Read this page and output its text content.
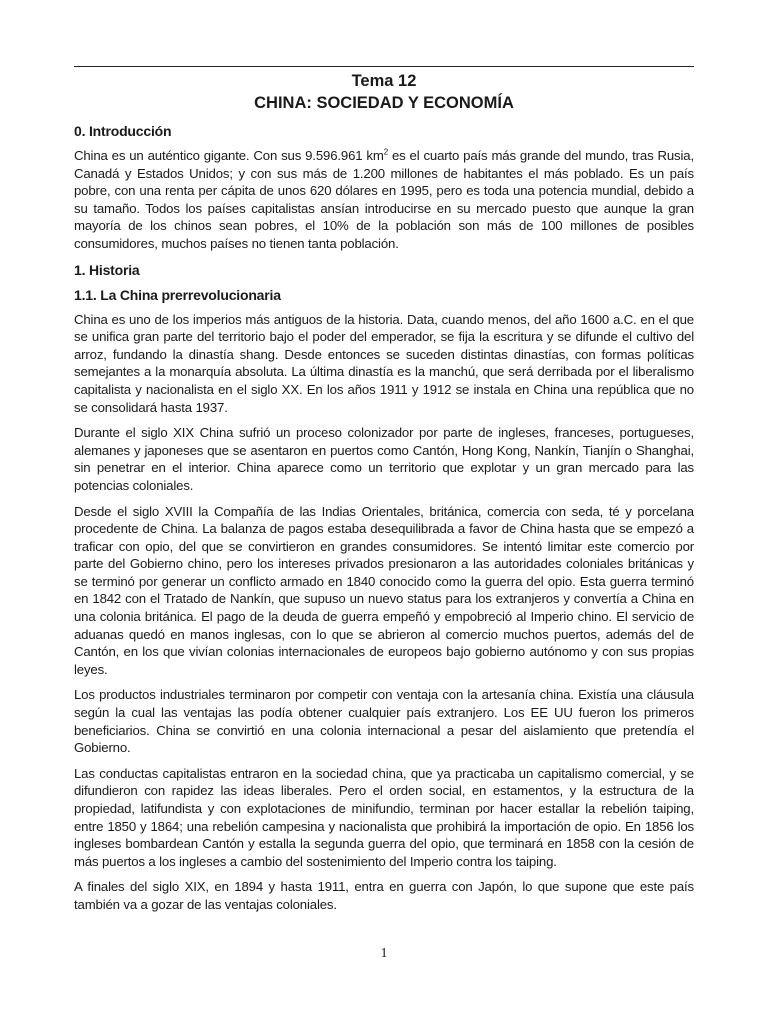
Tema 12
CHINA: SOCIEDAD Y ECONOMÍA
0. Introducción

China es un auténtico gigante. Con sus 9.596.961 $km^2$ es el cuarto país más grande del mundo, tras Rusia, Canadá y Estados Unidos; y con sus más de 1.200 millones de habitantes el más poblado. Es un país pobre, con una renta per cápita de unos 620 dólares en 1995, pero es toda una potencia mundial, debido a su tamaño. Todos los países capitalistas ansían introducirse en su mercado puesto que aunque la gran mayoría de los chinos sean pobres, el 10% de la población son más de 100 millones de posibles consumidores, muchos países no tienen tanta población.

1. Historia
1.1. La China prerrevolucionaria

China es uno de los imperios más antiguos de la historia. Data, cuando menos, del año 1600 a.C. en el que se unifica gran parte del territorio bajo el poder del emperador, se fija la escritura y se difunde el cultivo del arroz, fundando la dinastía shang. Desde entonces se suceden distintas dinastías, con formas políticas semejantes a la monarquía absoluta. La última dinastía es la manchú, que será derribada por el liberalismo capitalista y nacionalista en el siglo XX. En los años 1911 y 1912 se instala en China una república que no se consolidará hasta 1937.

Durante el siglo XIX China sufrió un proceso colonizador por parte de ingleses, franceses, portugueses, alemanes y japoneses que se asentaron en puertos como Cantón, Hong Kong, Nankín, Tianjín o Shanghai, sin penetrar en el interior. China aparece como un territorio que explotar y un gran mercado para las potencias coloniales.

Desde el siglo XVIII la Compañía de las Indias Orientales, británica, comercia con seda, té y porcelana procedente de China. La balanza de pagos estaba desequilibrada a favor de China hasta que se empezó a traficar con opio, del que se convirtieron en grandes consumidores. Se intentó limitar este comercio por parte del Gobierno chino, pero los intereses privados presionaron a las autoridades coloniales británicas y se terminó por generar un conflicto armado en 1840 conocido como la guerra del opio. Esta guerra terminó en 1842 con el Tratado de Nankín, que supuso un nuevo status para los extranjeros y convertía a China en una colonia británica. El pago de la deuda de guerra empeñó y empobreció al Imperio chino. El servicio de aduanas quedó en manos inglesas, con lo que se abrieron al comercio muchos puertos, además del de Cantón, en los que vivían colonias internacionales de europeos bajo gobierno autónomo y con sus propias leyes.

Los productos industriales terminaron por competir con ventaja con la artesanía china. Existía una cláusula según la cual las ventajas las podía obtener cualquier país extranjero. Los EE UU fueron los primeros beneficiarios. China se convirtió en una colonia internacional a pesar del aislamiento que pretendía el Gobierno.

Las conductas capitalistas entraron en la sociedad china, que ya practicaba un capitalismo comercial, y se difundieron con rapidez las ideas liberales. Pero el orden social, en estamentos, y la estructura de la propiedad, latifundista y con explotaciones de minifundio, terminan por hacer estallar la rebelión taiping, entre 1850 y 1864; una rebelión campesina y nacionalista que prohibirá la importación de opio. En 1856 los ingleses bombardean Cantón y estalla la segunda guerra del opio, que terminará en 1858 con la cesión de más puertos a los ingleses a cambio del sostenimiento del Imperio contra los taiping.

A finales del siglo XIX, en 1894 y hasta 1911, entra en guerra con Japón, lo que supone que este país también va a gozar de las ventajas coloniales.

1
